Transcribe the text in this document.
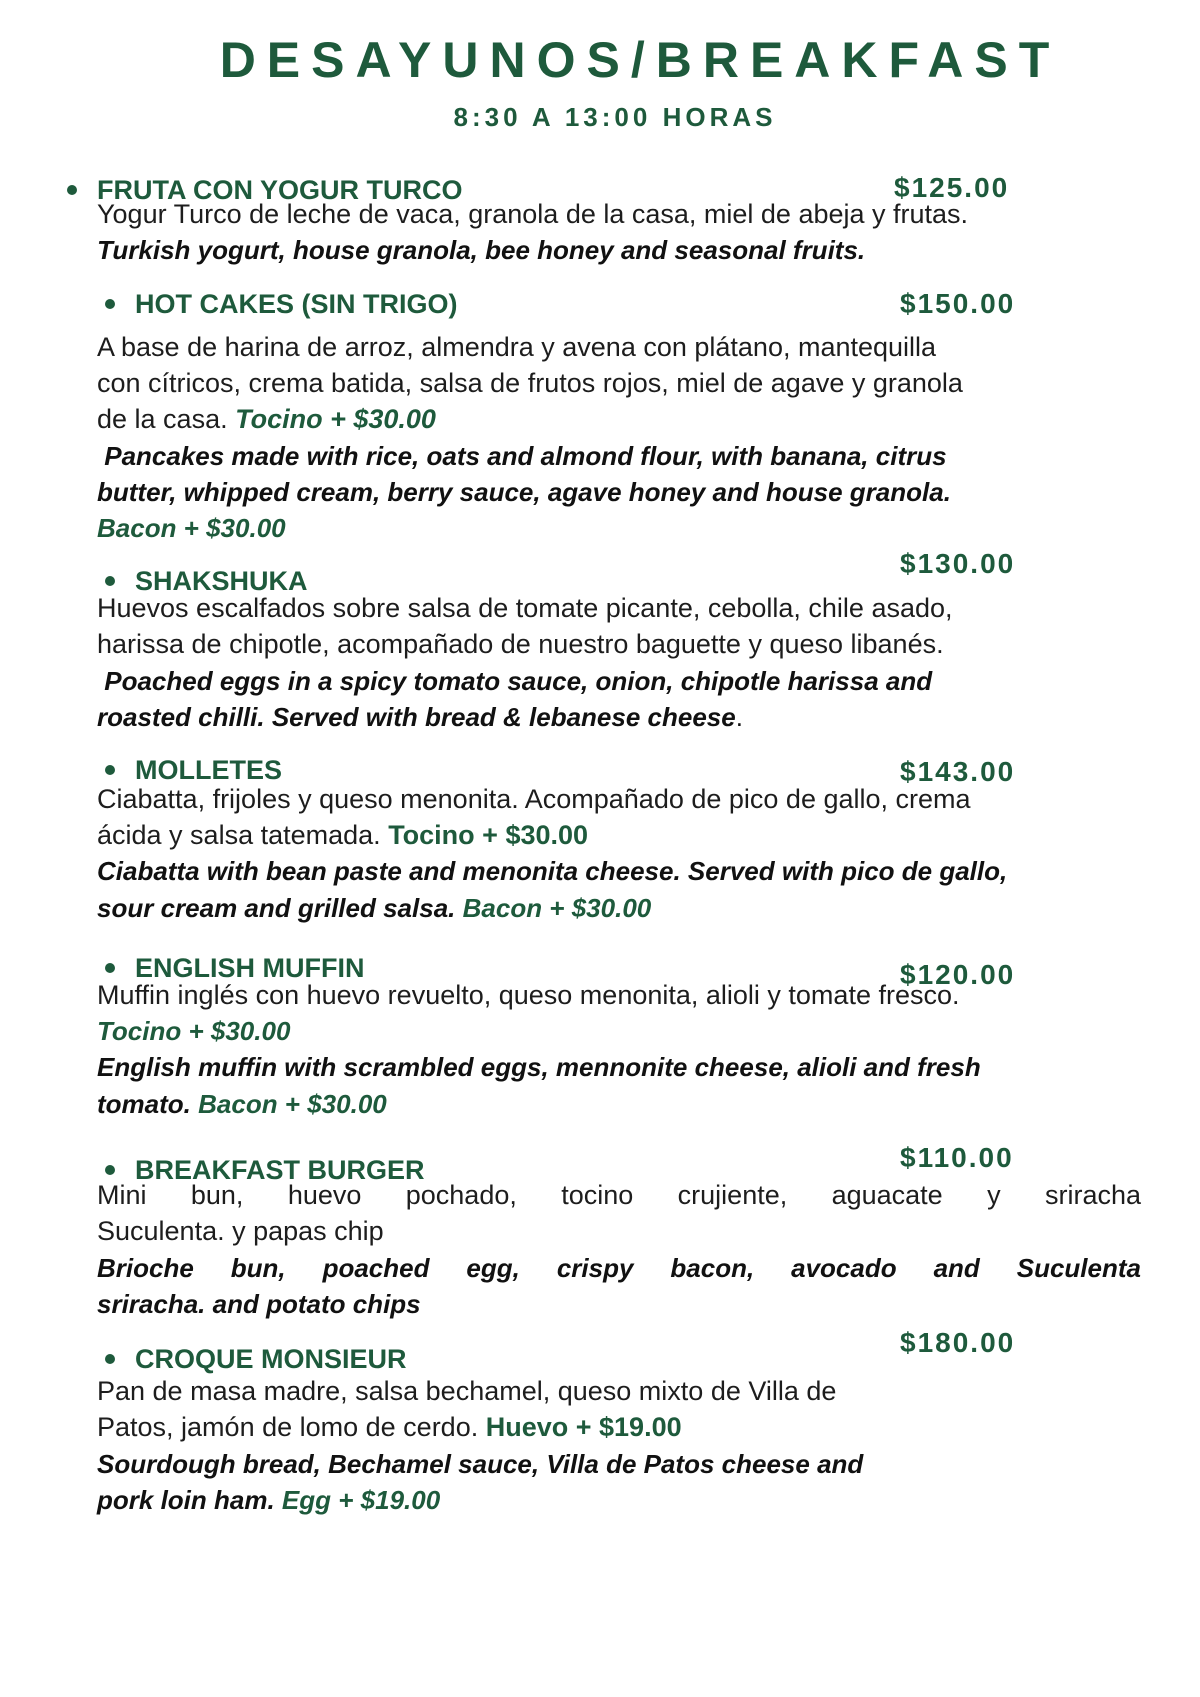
DESAYUNOS/BREAKFAST
8:30 A 13:00 HORAS
FRUTA CON YOGUR TURCO	$125.00
Yogur Turco de leche de vaca, granola de la casa, miel de abeja y frutas.
Turkish yogurt, house granola, bee honey and seasonal fruits.
HOT CAKES (SIN TRIGO)	$150.00
A base de harina de arroz, almendra y avena con plátano, mantequilla
con cítricos, crema batida, salsa de frutos rojos, miel de agave y granola
de la casa. Tocino + $30.00
Pancakes made with rice, oats and almond flour, with banana, citrus
butter, whipped cream, berry sauce, agave honey and house granola.
Bacon + $30.00
SHAKSHUKA
$130.00
Huevos escalfados sobre salsa de tomate picante, cebolla, chile asado,
harissa de chipotle, acompañado de nuestro baguette y queso libanés.
Poached eggs in a spicy tomato sauce, onion, chipotle harissa and
roasted chilli. Served with bread & lebanese cheese.
MOLLETES	$143.00
Ciabatta, frijoles y queso menonita. Acompañado de pico de gallo, crema
ácida y salsa tatemada. Tocino + $30.00
Ciabatta with bean paste and menonita cheese. Served with pico de gallo,
sour cream and grilled salsa. Bacon + $30.00
ENGLISH MUFFIN	$120.00
Muffin inglés con huevo revuelto, queso menonita, alioli y tomate fresco.
Tocino + $30.00
English muffin with scrambled eggs, mennonite cheese, alioli and fresh
tomato. Bacon + $30.00
BREAKFAST BURGER	$110.00
Mini bun, huevo pochado, tocino crujiente, aguacate y sriracha
Suculenta. y papas chip
Brioche bun, poached egg, crispy bacon, avocado and Suculenta
sriracha. and potato chips
CROQUE MONSIEUR
$180.00
Pan de masa madre, salsa bechamel, queso mixto de Villa de
Patos, jamón de lomo de cerdo. Huevo + $19.00
Sourdough bread, Bechamel sauce, Villa de Patos cheese and
pork loin ham. Egg + $19.00
